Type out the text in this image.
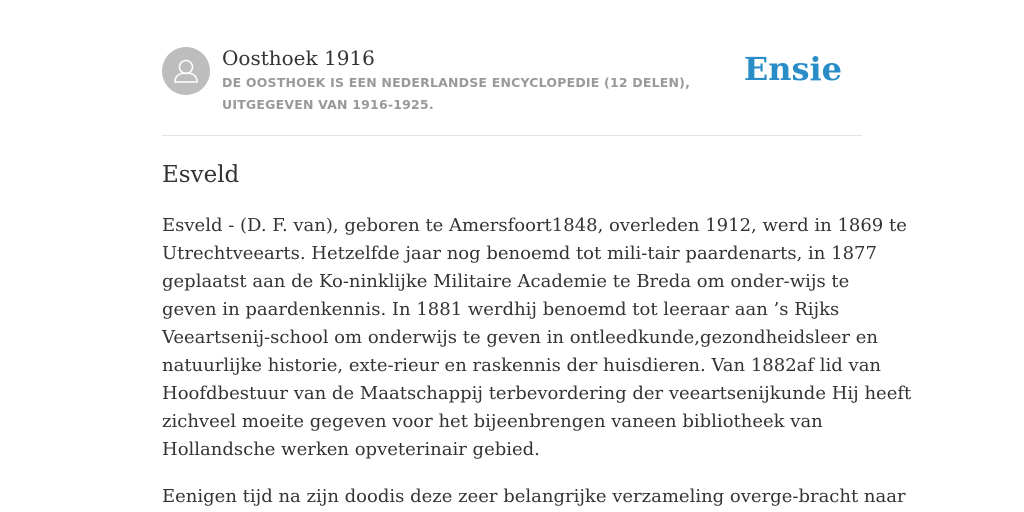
Oosthoek 1916
DE OOSTHOEK IS EEN NEDERLANDSE ENCYCLOPEDIE (12 DELEN), UITGEGEVEN VAN 1916-1925.
Ensie
Esveld
Esveld - (D. F. van), geboren te Amersfoort1848, overleden 1912, werd in 1869 te
Utrechtveearts. Hetzelfde jaar nog benoemd tot mili-tair paardenarts, in 1877
geplaatst aan de Ko-ninklijke Militaire Academie te Breda om onder-wijs te
geven in paardenkennis. In 1881 werdhij benoemd tot leeraar aan ’s Rijks
Veeartsenij-school om onderwijs te geven in ontleedkunde,gezondheidsleer en
natuurlijke historie, exte-rieur en raskennis der huisdieren. Van 1882af lid van
Hoofdbestuur van de Maatschappij terbevordering der veeartsenijkunde Hij heeft
zichveel moeite gegeven voor het bijeenbrengen vaneen bibliotheek van
Hollandsche werken opveterinair gebied.
Eenigen tijd na zijn doodis deze zeer belangrijke verzameling overge-bracht naar
